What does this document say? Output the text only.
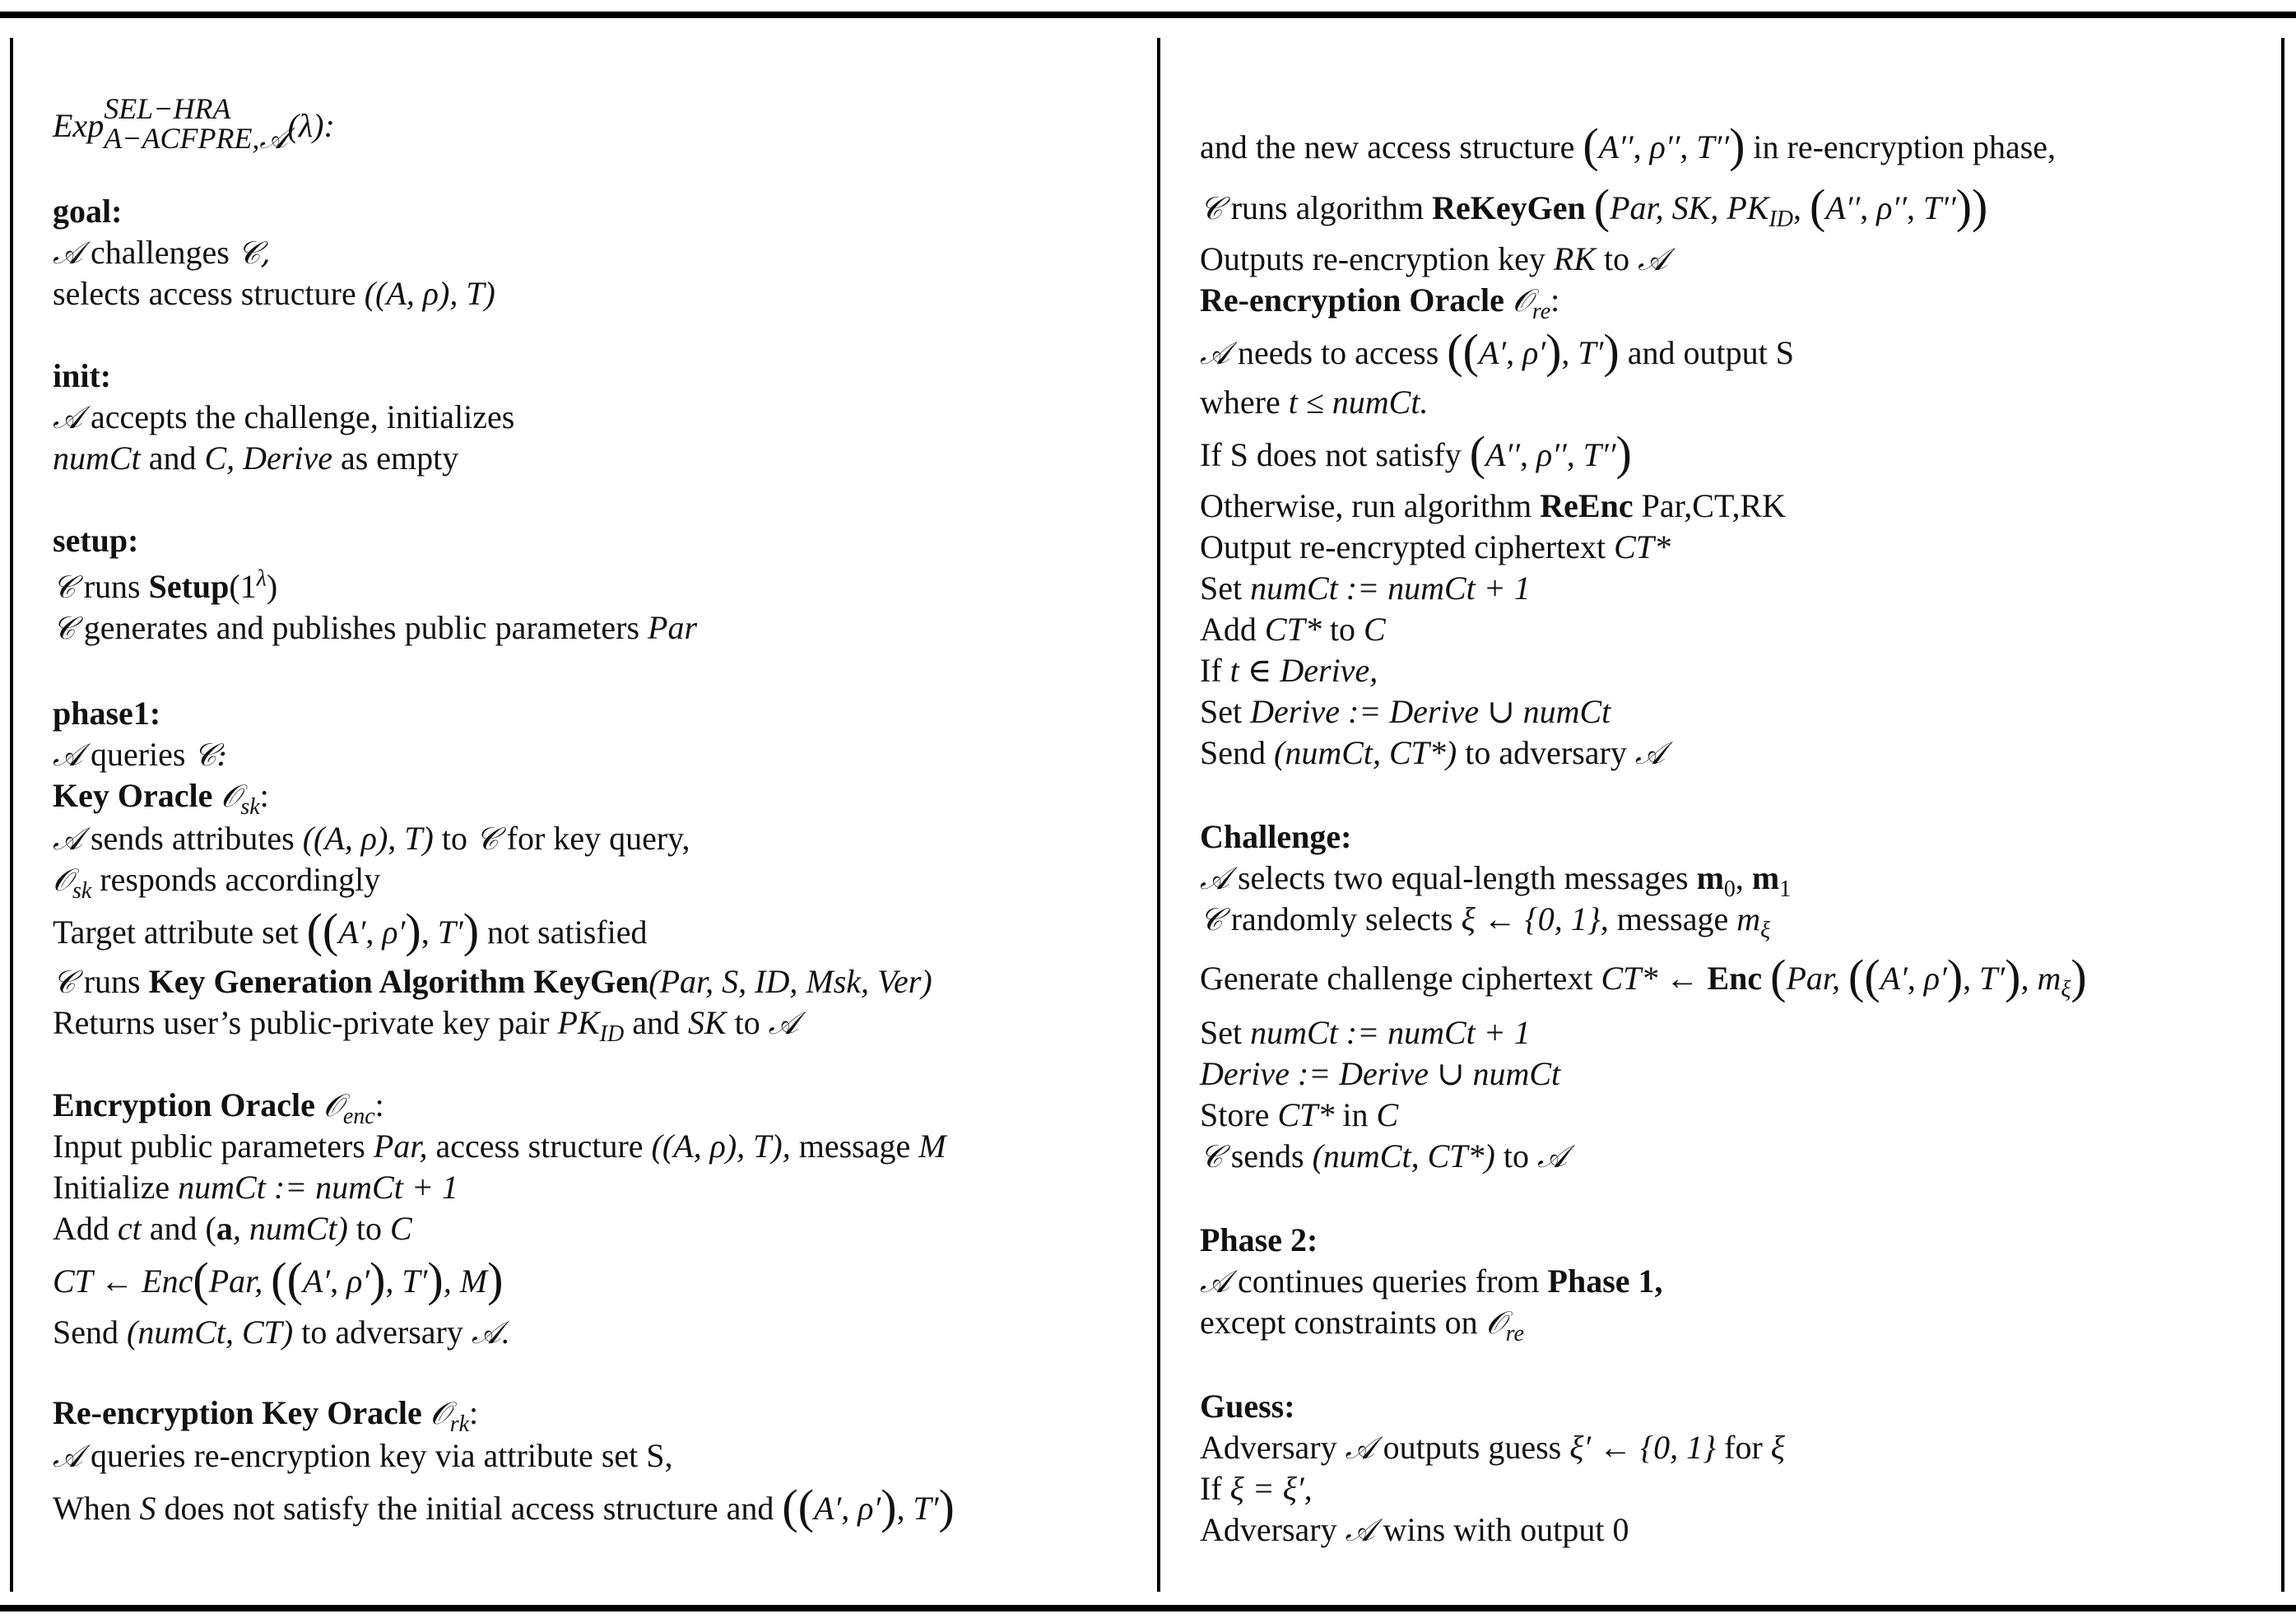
Exp SEL−HRA
A−ACFPRE,𝒜 (λ):
goal:
𝒜 challenges 𝒞,
selects access structure ((A, ρ), T)
init:
𝒜 accepts the challenge, initializes
numCt and C, Derive as empty
setup:
𝒞 runs $Setup(1^\lambda)$
𝒞 generates and publishes public parameters Par
phase1:
𝒜 queries 𝒞:
Key Oracle 𝒪$_{sk}$:
𝒜 sends attributes ((A, ρ), T) to 𝒞 for key query,
𝒪$_{sk}$ responds accordingly
Target attribute set ((A′, ρ′), T′) not satisfied
𝒞 runs Key Generation Algorithm KeyGen(Par, S, ID, Msk, Ver)
Returns user’s public-private key pair $PK_{ID}$ and SK to 𝒜
Encryption Oracle 𝒪$_{enc}$:
Input public parameters Par, access structure ((A, ρ), T), message M
Initialize numCt := numCt + 1
Add ct and (a, numCt) to C
CT ← Enc(Par, ((A′, ρ′), T′), M)
Send (numCt, CT) to adversary 𝒜.
Re-encryption Key Oracle 𝒪$_{rk}$:
𝒜 queries re-encryption key via attribute set S,
When S does not satisfy the initial access structure and ((A′, ρ′), T′)
and the new access structure (A′′, ρ′′, T′′) in re-encryption phase,
𝒞 runs algorithm ReKeyGen (Par, SK, $PK_{ID}$, (A′′, ρ′′, T′′))
Outputs re-encryption key RK to 𝒜
Re-encryption Oracle 𝒪$_{re}$:
𝒜 needs to access ((A′, ρ′), T′) and output S
where t ≤ numCt.
If S does not satisfy (A′′, ρ′′, T′′)
Otherwise, run algorithm ReEnc Par,CT,RK
Output re-encrypted ciphertext CT*
Set numCt := numCt + 1
Add CT* to C
If t ∈ Derive,
Set Derive := Derive ∪ numCt
Send (numCt, CT*) to adversary 𝒜
Challenge:
𝒜 selects two equal-length messages $m_0$, $m_1$
𝒞 randomly selects ξ ← {0, 1}, message $m_\xi$
Generate challenge ciphertext CT* ← Enc (Par, ((A′, ρ′), T′), $m_\xi$)
Set numCt := numCt + 1
Derive := Derive ∪ numCt
Store CT* in C
𝒞 sends (numCt, CT*) to 𝒜
Phase 2:
𝒜 continues queries from Phase 1,
except constraints on 𝒪$_{re}$
Guess:
Adversary 𝒜 outputs guess ξ′ ← {0, 1} for ξ
If ξ = ξ′,
Adversary 𝒜 wins with output 0
